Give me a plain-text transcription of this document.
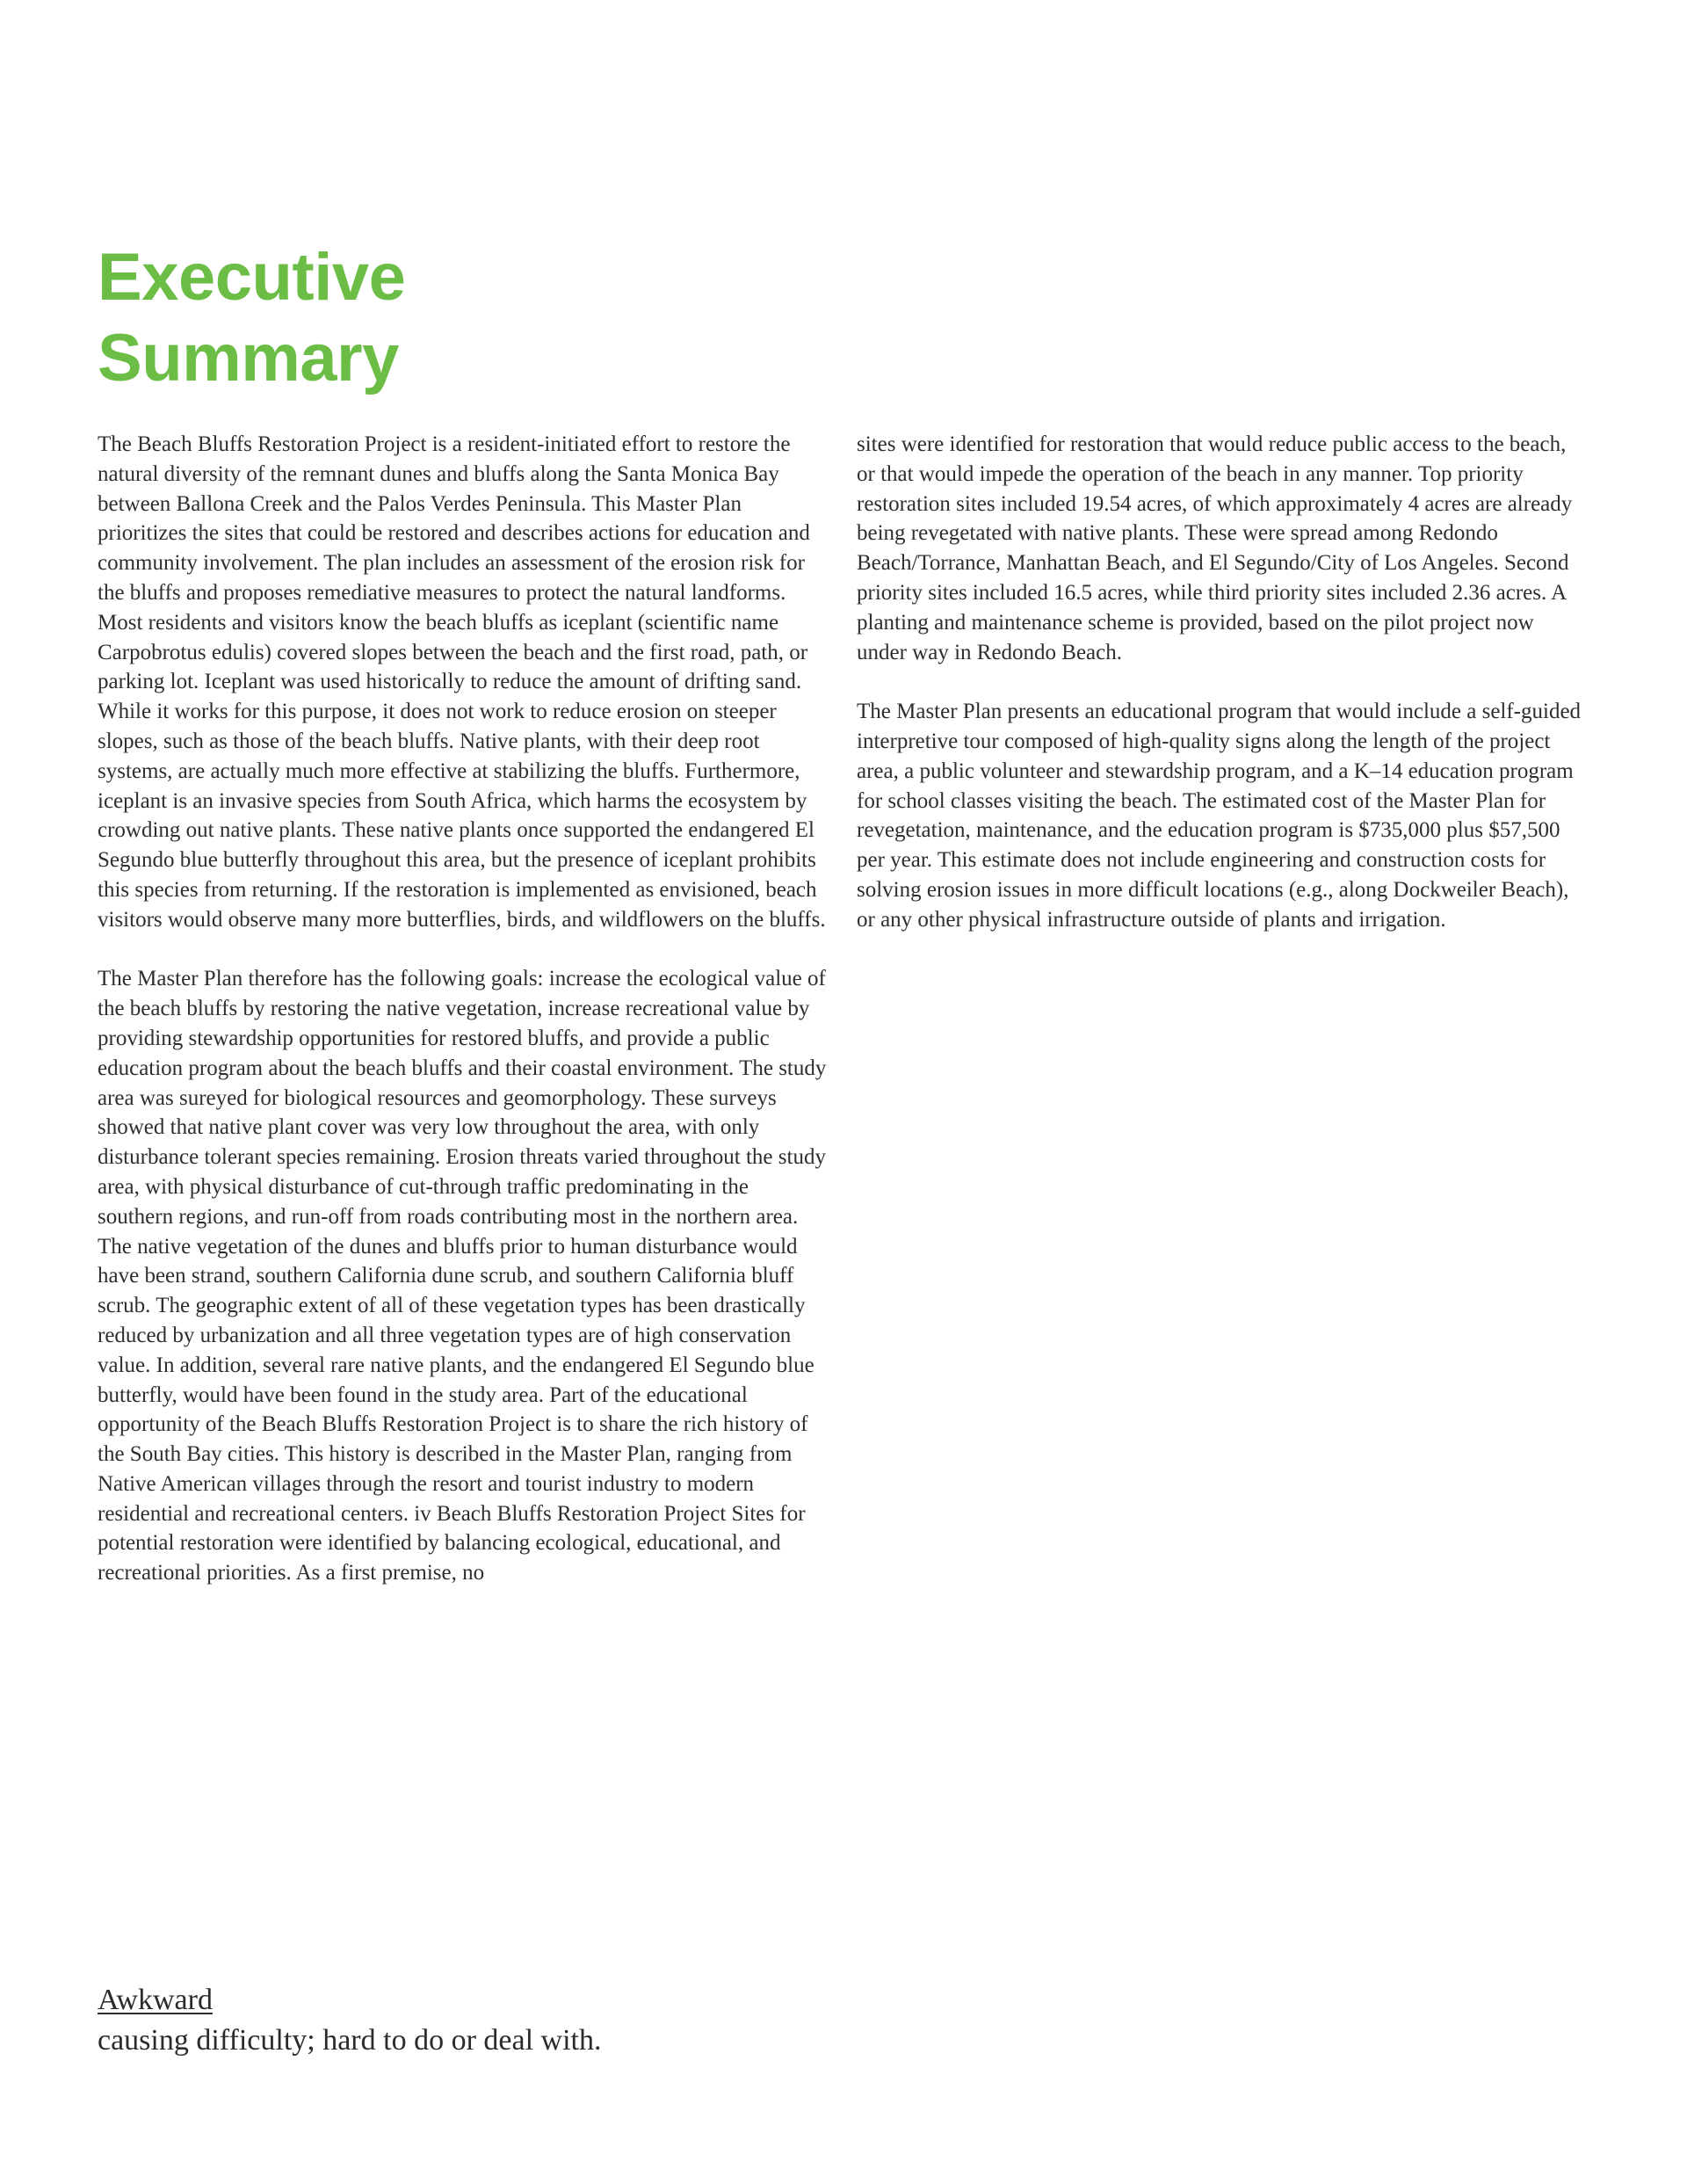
Executive
Summary

The Beach Bluffs Restoration Project is a resident-initiated effort to restore the natural diversity of the remnant dunes and bluffs along the Santa Monica Bay between Ballona Creek and the Palos Verdes Peninsula. This Master Plan prioritizes the sites that could be restored and describes actions for education and community involvement. The plan includes an assessment of the erosion risk for the bluffs and proposes remediative measures to protect the natural landforms. Most residents and visitors know the beach bluffs as iceplant (scientific name Carpobrotus edulis) covered slopes between the beach and the first road, path, or parking lot. Iceplant was used historically to reduce the amount of drifting sand. While it works for this purpose, it does not work to reduce erosion on steeper slopes, such as those of the beach bluffs. Native plants, with their deep root systems, are actually much more effective at stabilizing the bluffs. Furthermore, iceplant is an invasive species from South Africa, which harms the ecosystem by crowding out native plants. These native plants once supported the endangered El Segundo blue butterfly throughout this area, but the presence of iceplant prohibits this species from returning. If the restoration is implemented as envisioned, beach visitors would observe many more butterflies, birds, and wildflowers on the bluffs.

The Master Plan therefore has the following goals: increase the ecological value of the beach bluffs by restoring the native vegetation, increase recreational value by providing stewardship opportunities for restored bluffs, and provide a public education program about the beach bluffs and their coastal environment. The study area was sureyed for biological resources and geomorphology. These surveys showed that native plant cover was very low throughout the area, with only disturbance tolerant species remaining. Erosion threats varied throughout the study area, with physical disturbance of cut-through traffic predominating in the southern regions, and run-off from roads contributing most in the northern area. The native vegetation of the dunes and bluffs prior to human disturbance would have been strand, southern California dune scrub, and southern California bluff scrub. The geographic extent of all of these vegetation types has been drastically reduced by urbanization and all three vegetation types are of high conservation value. In addition, several rare native plants, and the endangered El Segundo blue butterfly, would have been found in the study area. Part of the educational opportunity of the Beach Bluffs Restoration Project is to share the rich history of the South Bay cities. This history is described in the Master Plan, ranging from Native American villages through the resort and tourist industry to modern residential and recreational centers. iv Beach Bluffs Restoration Project Sites for potential restoration were identified by balancing ecological, educational, and recreational priorities. As a first premise, no

sites were identified for restoration that would reduce public access to the beach, or that would impede the operation of the beach in any manner. Top priority restoration sites included 19.54 acres, of which approximately 4 acres are already being revegetated with native plants. These were spread among Redondo Beach/Torrance, Manhattan Beach, and El Segundo/City of Los Angeles. Second priority sites included 16.5 acres, while third priority sites included 2.36 acres. A planting and maintenance scheme is provided, based on the pilot project now under way in Redondo Beach.

The Master Plan presents an educational program that would include a self-guided interpretive tour composed of high-quality signs along the length of the project area, a public volunteer and stewardship program, and a K–14 education program for school classes visiting the beach. The estimated cost of the Master Plan for revegetation, maintenance, and the education program is $735,000 plus $57,500 per year. This estimate does not include engineering and construction costs for solving erosion issues in more difficult locations (e.g., along Dockweiler Beach), or any other physical infrastructure outside of plants and irrigation.

Awkward
causing difficulty; hard to do or deal with.
